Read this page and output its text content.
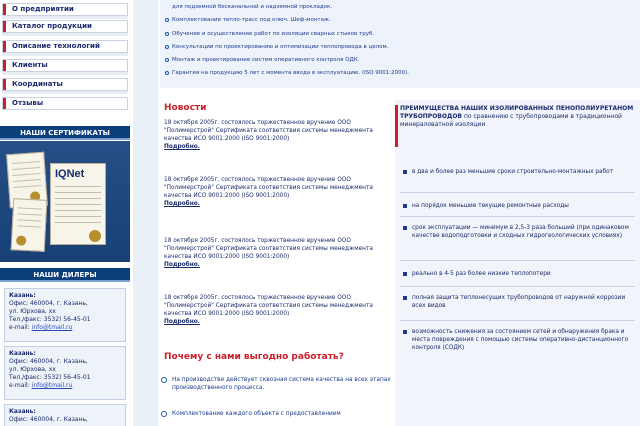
О предприятии
Каталог продукции
Описание технологий
Клиенты
Координаты
Отзывы
НАШИ СЕРТИФИКАТЫ
IQNet
НАШИ ДИЛЕРЫ
Казань:
Офис: 460004, г. Казань,
ул. Юрхова, хх
Тел./факс: 3532) 56-45-01
e-mail: info@tmail.ru
Казань:
Офис: 460004, г. Казань,
ул. Юрхова, хх
Тел./факс: 3532) 56-45-01
e-mail: info@tmail.ru
Казань:
Офис: 460004, г. Казань,
для подземной бесканальной и надземной прокладок.
Комплектование тепло-трасс под ключ. Шеф-монтаж.
Обучение и осуществление работ по изоляции сварных стыков труб.
Консультации по проектированию и оптимизации теплопровода в целом.
Монтаж и проектирование систем оперативного контроля ОДК.
Гарантия на продукцию 5 лет с момента ввода в эксплуатацию. (ISO 9001:2000).
Новости
18 октября 2005г. состоялось торжественное вручение ООО "Полимерстрой" Сертификата соответствия системы менеджмента качества ИСО 9001:2000 (ISO 9001:2000)
Подробно.
18 октября 2005г. состоялось торжественное вручение ООО "Полимерстрой" Сертификата соответствия системы менеджмента качества ИСО 9001:2000 (ISO 9001:2000)
Подробно.
18 октября 2005г. состоялось торжественное вручение ООО "Полимерстрой" Сертификата соответствия системы менеджмента качества ИСО 9001:2000 (ISO 9001:2000)
Подробно.
18 октября 2005г. состоялось торжественное вручение ООО "Полимерстрой" Сертификата соответствия системы менеджмента качества ИСО 9001:2000 (ISO 9001:2000)
Подробно.
Почему с нами выгодно работать?
На производстве действует сквозная система качества на всех этапах производственного процесса.
Комплектование каждого объекта с предоставлением
ПРЕИМУЩЕСТВА НАШИХ ИЗОЛИРОВАННЫХ ПЕНОПОЛИУРЕТАНОМ ТРУБОПРОВОДОВ по сравнению с трубопроводами в традиционной минераловатной изоляции
в два и более раз меньшие сроки строительно-монтажных работ
на порядок меньшие текущие ремонтные расходы
срок эксплуатации — минимум в 2,5-3 раза больший (при одинаковом качестве водоподготовки и сходных гидрогеологических условиях)
реально в 4-5 раз более низкие теплопотери
полная защита теплонесущих трубопроводов от наружной коррозии всех видов
возможность снижения за состоянием сетей и обнаружения брака и места повреждения с помощью системы оперативно-дистанционного контроля (СОДК)
